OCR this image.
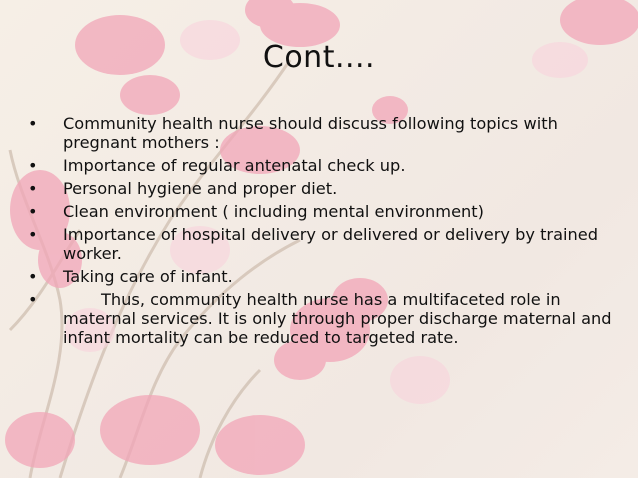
Cont....
•	Community health nurse should discuss following topics with pregnant mothers :
•	Importance of regular antenatal check up.
•	Personal hygiene and proper diet.
•	Clean environment ( including mental environment)
•	Importance of hospital delivery or delivered or delivery by trained worker.
•	Taking care of infant.
•	Thus, community health nurse has a multifaceted role in maternal services. It is only through proper discharge maternal and infant mortality can be reduced to targeted rate.
